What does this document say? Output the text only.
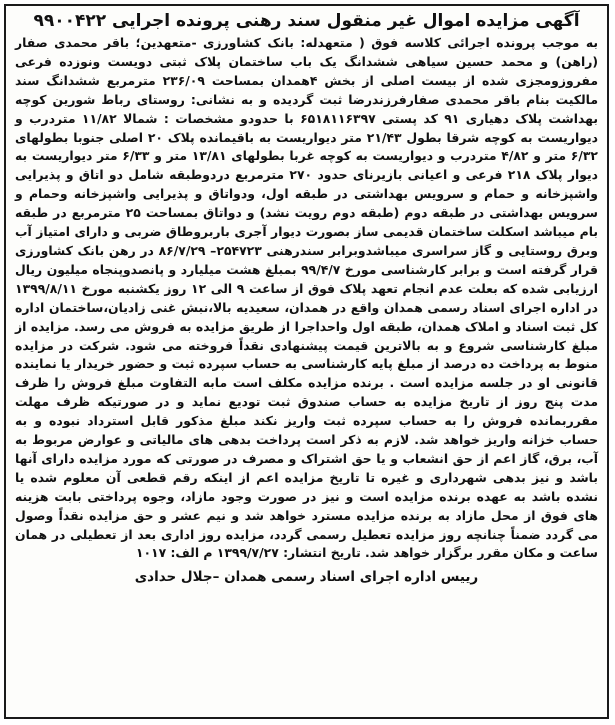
آگهی مزایده اموال غیر منقول سند رهنی پرونده اجرایی ۹۹۰۰۴۲۲

به موجب پرونده اجرائی کلاسه فوق ( متعهدله: بانک کشاورزی -متعهدین؛ باقر محمدی صفار (راهن) و محمد حسین سیاهی ششدانگ یک باب ساختمان پلاک ثبتی دویست ونوزده فرعی مفروزومجزی شده از بیست اصلی از بخش ۴همدان بمساحت ۲۳۶/۰۹ مترمربع ششدانگ سند مالکیت بنام باقر محمدی صفارفرزندرضا ثبت گردیده و به نشانی: روستای رباط شورین کوچه بهداشت پلاک دهیاری ۹۱ کد پستی ۶۵۱۸۱۱۶۳۹۷ با حدودو مشخصات : شمالا ۱۱/۸۲ متردرب و دیواریست به کوچه شرقا بطول ۲۱/۴۳ متر دیواریست به باقیمانده پلاک ۲۰ اصلی جنوبا بطولهای ۶/۳۲ متر و ۴/۸۲ متردرب و دیواریست به کوچه غربا بطولهای ۱۳/۸۱ متر و ۶/۳۳ متر دیواریست به دیوار پلاک ۲۱۸ فرعی و اعیانی بازیرنای حدود ۲۷۰ مترمربع دردوطبقه شامل دو اتاق و پذیرایی واشپزخانه و حمام و سرویس بهداشتی در طبقه اول، ودواتاق و پذیرایی واشپزخانه وحمام و سرویس بهداشتی در طبقه دوم (طبقه دوم رویت نشد) و دواتاق بمساحت ۲۵ مترمربع در طبقه بام میباشد اسکلت ساختمان قدیمی ساز بصورت دیوار آجری باربروطاق ضربی و دارای امتیاز آب وبرق روستایی و گاز سراسری میباشدوبرابر سندرهنی ۲۵۴۷۲۳– ۸۶/۷/۲۹ در رهن بانک کشاورزی قرار گرفته است و برابر کارشناسی مورخ ۹۹/۴/۷ بمبلغ هشت میلیارد و پانصدوپنجاه میلیون ریال ارزیابی شده که بعلت عدم انجام تعهد پلاک فوق از ساعت ۹ الی ۱۲ روز یکشنبه مورخ ۱۳۹۹/۸/۱۱ در اداره اجرای اسناد رسمی همدان واقع در همدان، سعیدیه بالا،نبش غنی زادیان،ساختمان اداره کل ثبت اسناد و املاک همدان، طبقه اول واحداجرا از طریق مزایده به فروش می رسد. مزایده از مبلغ کارشناسی شروع و به بالاترین قیمت پیشنهادی نقداً فروخته می شود. شرکت در مزایده منوط به پرداخت ده درصد از مبلغ پایه کارشناسی به حساب سپرده ثبت و حضور خریدار یا نماینده قانونی او در جلسه مزایده است . برنده مزایده مکلف است مابه التفاوت مبلغ فروش را ظرف مدت پنج روز از تاریخ مزایده به حساب صندوق ثبت تودیع نماید و در صورتیکه ظرف مهلت مقرربمانده فروش را به حساب سپرده ثبت واریز نکند مبلغ مذکور قابل استرداد نبوده و به حساب خزانه واریز خواهد شد. لازم به ذکر است پرداخت بدهی های مالیاتی و عوارض مربوط به آب، برق، گاز اعم از حق انشعاب و یا حق اشتراک و مصرف در صورتی که مورد مزایده دارای آنها باشد و نیز بدهی شهرداری و غیره تا تاریخ مزایده اعم از اینکه رقم قطعی آن معلوم شده یا نشده باشد به عهده برنده مزایده است و نیز در صورت وجود مازاد، وجوه پرداختی بابت هزینه های فوق از محل مازاد به برنده مزایده مسترد خواهد شد و نیم عشر و حق مزایده نقداً وصول می گردد ضمناً چنانچه روز مزایده تعطیل رسمی گردد، مزایده روز اداری بعد از تعطیلی در همان ساعت و مکان مقرر برگزار خواهد شد. تاریخ انتشار: ۱۳۹۹/۷/۲۷ م الف: ۱۰۱۷

رییس اداره اجرای اسناد رسمی همدان –جلال حدادی
